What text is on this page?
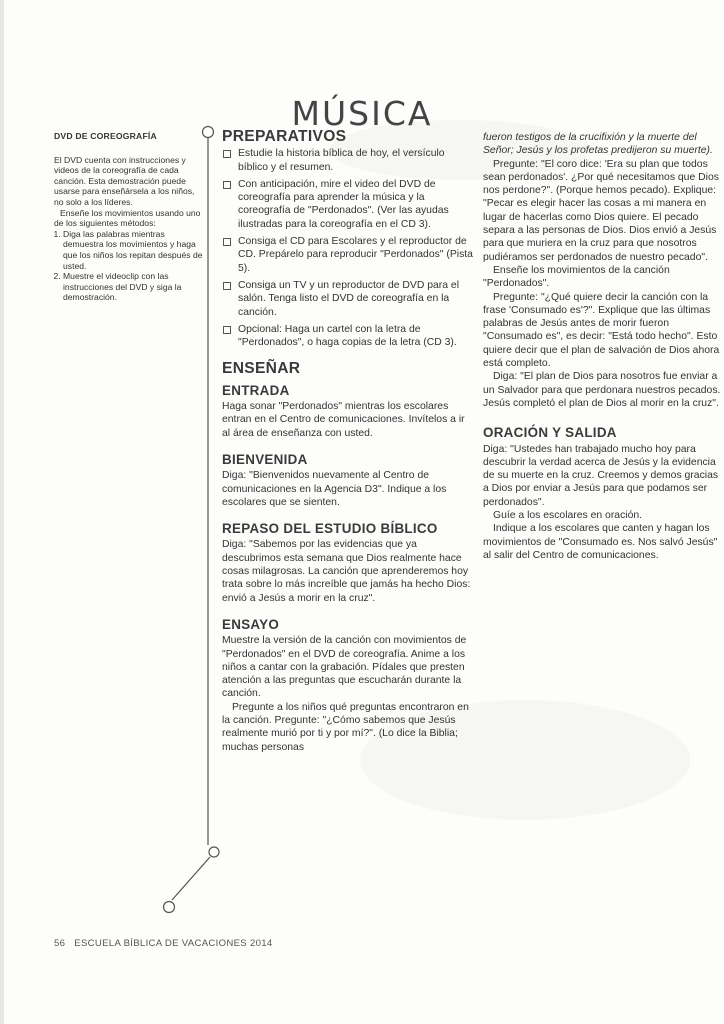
MÚSICA
DVD DE COREOGRAFÍA

El DVD cuenta con instrucciones y videos de la coreografía de cada canción. Esta demostración puede usarse para enseñársela a los niños, no solo a los líderes.

Enseñe los movimientos usando uno de los siguientes métodos:

1. Diga las palabras mientras demuestra los movimientos y haga que los niños los repitan después de usted.
2. Muestre el videoclip con las instrucciones del DVD y siga la demostración.
PREPARATIVOS
Estudie la historia bíblica de hoy, el versículo bíblico y el resumen.
Con anticipación, mire el video del DVD de coreografía para aprender la música y la coreografía de "Perdonados". (Ver las ayudas ilustradas para la coreografía en el CD 3).
Consiga el CD para Escolares y el reproductor de CD. Prepárelo para reproducir "Perdonados" (Pista 5).
Consiga un TV y un reproductor de DVD para el salón. Tenga listo el DVD de coreografía en la canción.
Opcional: Haga un cartel con la letra de "Perdonados", o haga copias de la letra (CD 3).
ENSEÑAR
ENTRADA

Haga sonar "Perdonados" mientras los escolares entran en el Centro de comunicaciones. Invítelos a ir al área de enseñanza con usted.

BIENVENIDA

Diga: "Bienvenidos nuevamente al Centro de comunicaciones en la Agencia D3". Indique a los escolares que se sienten.

REPASO DEL ESTUDIO BÍBLICO

Diga: "Sabemos por las evidencias que ya descubrimos esta semana que Dios realmente hace cosas milagrosas. La canción que aprenderemos hoy trata sobre lo más increíble que jamás ha hecho Dios: envió a Jesús a morir en la cruz".

ENSAYO

Muestre la versión de la canción con movimientos de "Perdonados" en el DVD de coreografía. Anime a los niños a cantar con la grabación. Pídales que presten atención a las preguntas que escucharán durante la canción.

Pregunte a los niños qué preguntas encontraron en la canción. Pregunte: "¿Cómo sabemos que Jesús realmente murió por ti y por mí?". (Lo dice la Biblia; muchas personas

fueron testigos de la crucifixión y la muerte del Señor; Jesús y los profetas predijeron su muerte).

Pregunte: "El coro dice: 'Era su plan que todos sean perdonados'. ¿Por qué necesitamos que Dios nos perdone?". (Porque hemos pecado). Explique: "Pecar es elegir hacer las cosas a mi manera en lugar de hacerlas como Dios quiere. El pecado separa a las personas de Dios. Dios envió a Jesús para que muriera en la cruz para que nosotros pudiéramos ser perdonados de nuestro pecado".

Enseñe los movimientos de la canción "Perdonados".

Pregunte: "¿Qué quiere decir la canción con la frase 'Consumado es'?". Explique que las últimas palabras de Jesús antes de morir fueron "Consumado es", es decir: "Está todo hecho". Esto quiere decir que el plan de salvación de Dios ahora está completo.

Diga: "El plan de Dios para nosotros fue enviar a un Salvador para que perdonara nuestros pecados. Jesús completó el plan de Dios al morir en la cruz".

ORACIÓN Y SALIDA

Diga: "Ustedes han trabajado mucho hoy para descubrir la verdad acerca de Jesús y la evidencia de su muerte en la cruz. Creemos y demos gracias a Dios por enviar a Jesús para que podamos ser perdonados".

Guíe a los escolares en oración.

Indique a los escolares que canten y hagan los movimientos de "Consumado es. Nos salvó Jesús" al salir del Centro de comunicaciones.

56 ESCUELA BÍBLICA DE VACACIONES 2014
